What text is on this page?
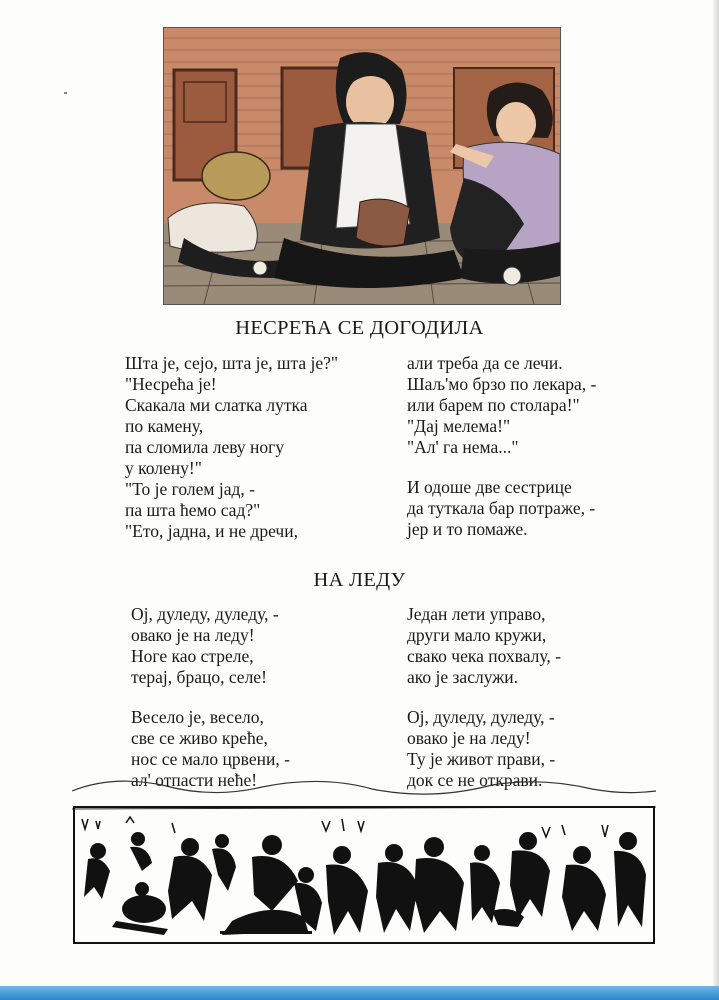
НЕСРЕЋА СЕ ДОГОДИЛА
Шта је, сејо, шта је, шта је?"
"Несрећа је!
Скакала ми слатка лутка
по камену,
па сломила леву ногу
у колену!"
"То је голем јад, -
па шта ћемо сад?"
"Ето, јадна, и не дречи,
али треба да се лечи.
Шаљ'мо брзо по лекара, -
или барем по столара!"
"Дај мелема!"
"Ал' га нема..."
И одоше две сестрице
да туткала бар потраже, -
јер и то помаже.
НА ЛЕДУ
Ој, дуледу, дуледу, -
овако је на леду!
Ноге као стреле,
терај, брацо, селе!
Весело је, весело,
све се живо креће,
нос се мало црвени, -
ал' отпасти неће!
Један лети управо,
други мало кружи,
свако чека похвалу, -
ако је заслужи.
Ој, дуледу, дуледу, -
овако је на леду!
Ту је живот прави, -
док се не открави.
